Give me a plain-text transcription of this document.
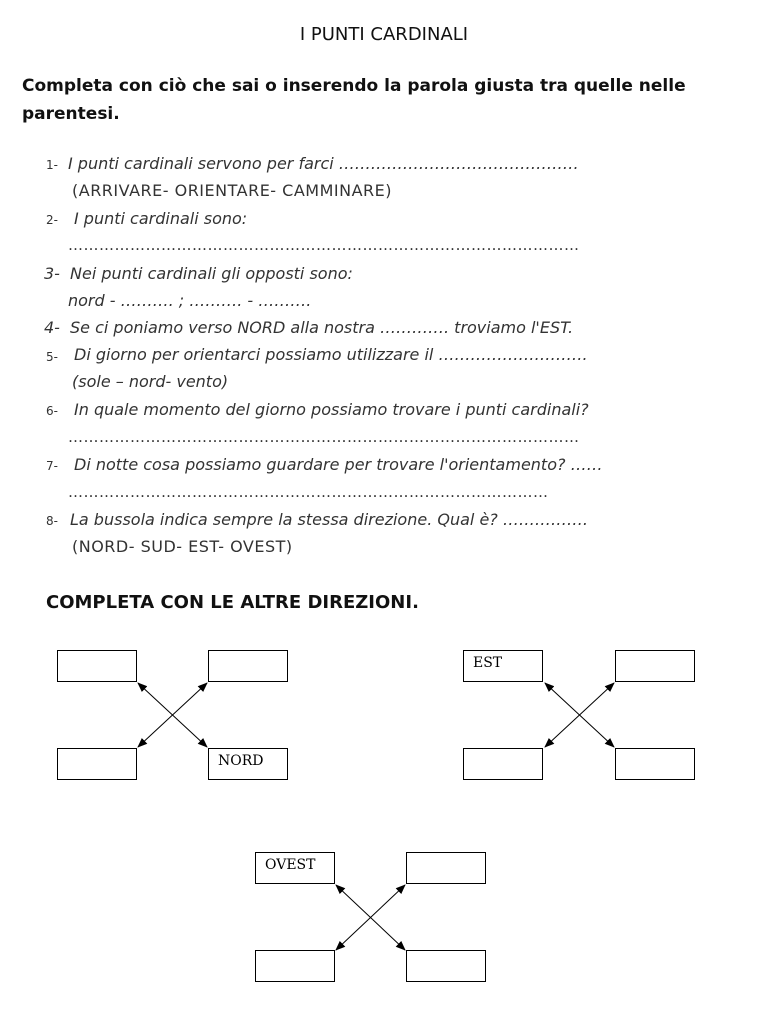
I PUNTI CARDINALI
Completa con ciò che sai o inserendo la parola giusta tra quelle nelle parentesi.
1- I punti cardinali servono per farci ………………………………………
(ARRIVARE- ORIENTARE- CAMMINARE)
2- I punti cardinali sono:
………………………………………………………………………………………
3- Nei punti cardinali gli opposti sono:
nord - ………. ; ………. - ……….
4- Se ci poniamo verso NORD alla nostra …………. troviamo l'EST.
5- Di giorno per orientarci possiamo utilizzare il ……………………….
(sole – nord- vento)
6- In quale momento del giorno possiamo trovare i punti cardinali?
………………………………………………………………………………………
7- Di notte cosa possiamo guardare per trovare l'orientamento? ……
…………………………………………………………………………………
8- La bussola indica sempre la stessa direzione. Qual è? …………….
(NORD- SUD- EST- OVEST)
COMPLETA CON LE ALTRE DIREZIONI.
NORD
EST
OVEST
